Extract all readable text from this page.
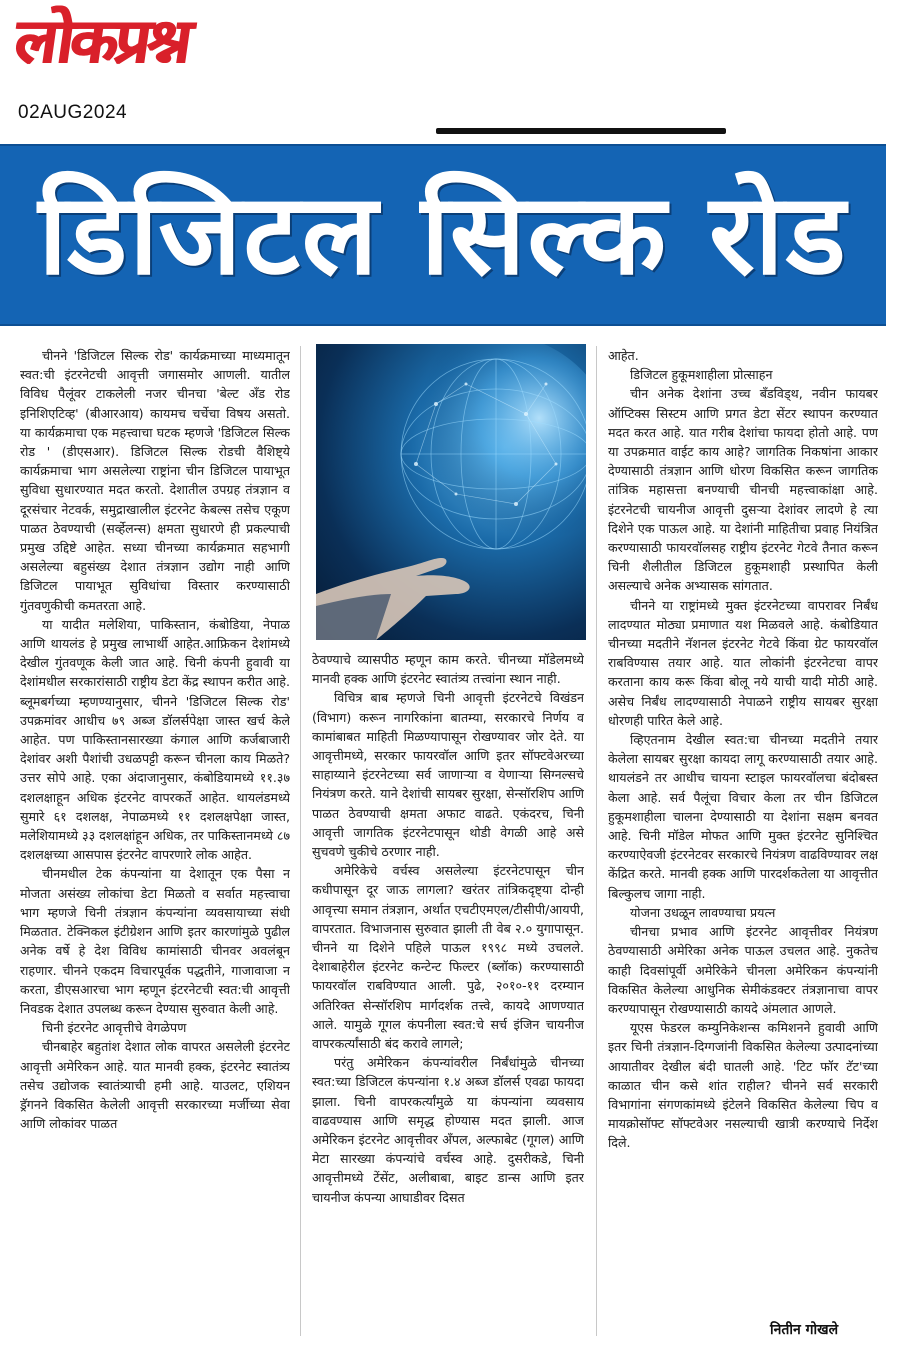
लोकप्रश्न
02AUG2024
डिजिटल सिल्क रोड

चीनने 'डिजिटल सिल्क रोड' कार्यक्रमाच्या माध्यमातून स्वत:ची इंटरनेटची आवृत्ती जगासमोर आणली. यातील विविध पैलूंवर टाकलेली नजर चीनचा 'बेल्ट अँड रोड इनिशिएटिव्ह' (बीआरआय) कायमच चर्चेचा विषय असतो. या कार्यक्रमाचा एक महत्त्वाचा घटक म्हणजे 'डिजिटल सिल्क रोड ' (डीएसआर). डिजिटल सिल्क रोडची वैशिष्ट्ये कार्यक्रमाचा भाग असलेल्या राष्ट्रांना चीन डिजिटल पायाभूत सुविधा सुधारण्यात मदत करतो. देशातील उपग्रह तंत्रज्ञान व दूरसंचार नेटवर्क, समुद्राखालील इंटरनेट केबल्स तसेच एकूण पाळत ठेवण्याची (सर्व्हेलन्स) क्षमता सुधारणे ही प्रकल्पाची प्रमुख उद्दिष्टे आहेत. सध्या चीनच्या कार्यक्रमात सहभागी असलेल्या बहुसंख्य देशात तंत्रज्ञान उद्योग नाही आणि डिजिटल पायाभूत सुविधांचा विस्तार करण्यासाठी गुंतवणुकीची कमतरता आहे.

या यादीत मलेशिया, पाकिस्तान, कंबोडिया, नेपाळ आणि थायलंड हे प्रमुख लाभार्थी आहेत.आफ्रिकन देशांमध्ये देखील गुंतवणूक केली जात आहे. चिनी कंपनी हुवावी या देशांमधील सरकारांसाठी राष्ट्रीय डेटा केंद्र स्थापन करीत आहे. ब्लूमबर्गच्या म्हणण्यानुसार, चीनने 'डिजिटल सिल्क रोड' उपक्रमांवर आधीच ७९ अब्ज डॉलर्सपेक्षा जास्त खर्च केले आहेत. पण पाकिस्तानसारख्या कंगाल आणि कर्जबाजारी देशांवर अशी पैशांची उधळपट्टी करून चीनला काय मिळते? उत्तर सोपे आहे. एका अंदाजानुसार, कंबोडियामध्ये ११.३७ दशलक्षाहून अधिक इंटरनेट वापरकर्ते आहेत. थायलंडमध्ये सुमारे ६१ दशलक्ष, नेपाळमध्ये ११ दशलक्षपेक्षा जास्त, मलेशियामध्ये ३३ दशलक्षांहून अधिक, तर पाकिस्तानमध्ये ८७ दशलक्षच्या आसपास इंटरनेट वापरणारे लोक आहेत.

चीनमधील टेक कंपन्यांना या देशातून एक पैसा न मोजता असंख्य लोकांचा डेटा मिळतो व सर्वात महत्त्वाचा भाग म्हणजे चिनी तंत्रज्ञान कंपन्यांना व्यवसायाच्या संधी मिळतात. टेक्निकल इंटीग्रेशन आणि इतर कारणांमुळे पुढील अनेक वर्षे हे देश विविध कामांसाठी चीनवर अवलंबून राहणार. चीनने एकदम विचारपूर्वक पद्धतीने, गाजावाजा न करता, डीएसआरचा भाग म्हणून इंटरनेटची स्वत:ची आवृत्ती निवडक देशात उपलब्ध करून देण्यास सुरुवात केली आहे.

चिनी इंटरनेट आवृत्तीचे वेगळेपण

चीनबाहेर बहुतांश देशात लोक वापरत असलेली इंटरनेट आवृत्ती अमेरिकन आहे. यात मानवी हक्क, इंटरनेट स्वातंत्र्य तसेच उद्योजक स्वातंत्र्याची हमी आहे. याउलट, एशियन ड्रॅगनने विकसित केलेली आवृत्ती सरकारच्या मर्जीच्या सेवा आणि लोकांवर पाळत

ठेवण्याचे व्यासपीठ म्हणून काम करते. चीनच्या मॉडेलमध्ये मानवी हक्क आणि इंटरनेट स्वातंत्र्य तत्त्वांना स्थान नाही.

विचित्र बाब म्हणजे चिनी आवृत्ती इंटरनेटचे विखंडन (विभाग) करून नागरिकांना बातम्या, सरकारचे निर्णय व कामांबाबत माहिती मिळण्यापासून रोखण्यावर जोर देते. या आवृत्तीमध्ये, सरकार फायरवॉल आणि इतर सॉफ्टवेअरच्या साहाय्याने इंटरनेटच्या सर्व जाणाऱ्या व येणाऱ्या सिग्नल्सचे नियंत्रण करते. याने देशांची सायबर सुरक्षा, सेन्सॉरशिप आणि पाळत ठेवण्याची क्षमता अफाट वाढते. एकंदरच, चिनी आवृत्ती जागतिक इंटरनेटपासून थोडी वेगळी आहे असे सुचवणे चुकीचे ठरणार नाही.

अमेरिकेचे वर्चस्व असलेल्या इंटरनेटपासून चीन कधीपासून दूर जाऊ लागला? खरंतर तांत्रिकदृष्ट्या दोन्ही आवृत्त्या समान तंत्रज्ञान, अर्थात एचटीएमएल/टीसीपी/आयपी, वापरतात. विभाजनास सुरुवात झाली ती वेब २.० युगापासून. चीनने या दिशेने पहिले पाऊल १९९८ मध्ये उचलले. देशाबाहेरील इंटरनेट कन्टेन्ट फिल्टर (ब्लॉक) करण्यासाठी फायरवॉल राबविण्यात आली. पुढे, २०१०-११ दरम्यान अतिरिक्त सेन्सॉरशिप मार्गदर्शक तत्त्वे, कायदे आणण्यात आले. यामुळे गूगल कंपनीला स्वत:चे सर्च इंजिन चायनीज वापरकर्त्यांसाठी बंद करावे लागले;

परंतु अमेरिकन कंपन्यांवरील निर्बंधांमुळे चीनच्या स्वत:च्या डिजिटल कंपन्यांना १.४ अब्ज डॉलर्स एवढा फायदा झाला. चिनी वापरकर्त्यांमुळे या कंपन्यांना व्यवसाय वाढवण्यास आणि समृद्ध होण्यास मदत झाली. आज अमेरिकन इंटरनेट आवृत्तीवर अँपल, अल्फाबेट (गूगल) आणि मेटा सारख्या कंपन्यांचे वर्चस्व आहे. दुसरीकडे, चिनी आवृत्तीमध्ये टेंसेंट, अलीबाबा, बाइट डान्स आणि इतर चायनीज कंपन्या आघाडीवर दिसत

आहेत.

डिजिटल हुकूमशाहीला प्रोत्साहन

चीन अनेक देशांना उच्च बँडविड्थ, नवीन फायबर ऑप्टिक्स सिस्टम आणि प्रगत डेटा सेंटर स्थापन करण्यात मदत करत आहे. यात गरीब देशांचा फायदा होतो आहे. पण या उपक्रमात वाईट काय आहे? जागतिक निकषांना आकार देण्यासाठी तंत्रज्ञान आणि धोरण विकसित करून जागतिक तांत्रिक महासत्ता बनण्याची चीनची महत्त्वाकांक्षा आहे. इंटरनेटची चायनीज आवृत्ती दुसऱ्या देशांवर लादणे हे त्या दिशेने एक पाऊल आहे. या देशांनी माहितीचा प्रवाह नियंत्रित करण्यासाठी फायरवॉलसह राष्ट्रीय इंटरनेट गेटवे तैनात करून चिनी शैलीतील डिजिटल हुकूमशाही प्रस्थापित केली असल्याचे अनेक अभ्यासक सांगतात.

चीनने या राष्ट्रांमध्ये मुक्त इंटरनेटच्या वापरावर निर्बंध लादण्यात मोठ्या प्रमाणात यश मिळवले आहे. कंबोडियात चीनच्या मदतीने नॅशनल इंटरनेट गेटवे किंवा ग्रेट फायरवॉल राबविण्यास तयार आहे. यात लोकांनी इंटरनेटचा वापर करताना काय करू किंवा बोलू नये याची यादी मोठी आहे. असेच निर्बंध लादण्यासाठी नेपाळने राष्ट्रीय सायबर सुरक्षा धोरणही पारित केले आहे.

व्हिएतनाम देखील स्वत:चा चीनच्या मदतीने तयार केलेला सायबर सुरक्षा कायदा लागू करण्यासाठी तयार आहे. थायलंडने तर आधीच चायना स्टाइल फायरवॉलचा बंदोबस्त केला आहे. सर्व पैलूंचा विचार केला तर चीन डिजिटल हुकूमशाहीला चालना देण्यासाठी या देशांना सक्षम बनवत आहे. चिनी मॉडेल मोफत आणि मुक्त इंटरनेट सुनिश्चित करण्याऐवजी इंटरनेटवर सरकारचे नियंत्रण वाढविण्यावर लक्ष केंद्रित करते. मानवी हक्क आणि पारदर्शकतेला या आवृत्तीत बिल्कुलच जागा नाही.

योजना उधळून लावण्याचा प्रयत्न

चीनचा प्रभाव आणि इंटरनेट आवृत्तीवर नियंत्रण ठेवण्यासाठी अमेरिका अनेक पाऊल उचलत आहे. नुकतेच काही दिवसांपूर्वी अमेरिकेने चीनला अमेरिकन कंपन्यांनी विकसित केलेल्या आधुनिक सेमीकंडक्टर तंत्रज्ञानाचा वापर करण्यापासून रोखण्यासाठी कायदे अंमलात आणले.

यूएस फेडरल कम्युनिकेशन्स कमिशनने हुवावी आणि इतर चिनी तंत्रज्ञान-दिग्गजांनी विकसित केलेल्या उत्पादनांच्या आयातीवर देखील बंदी घातली आहे. 'टिट फॉर टॅट'च्या काळात चीन कसे शांत राहील? चीनने सर्व सरकारी विभागांना संगणकांमध्ये इंटेलने विकसित केलेल्या चिप व मायक्रोसॉफ्ट सॉफ्टवेअर नसल्याची खात्री करण्याचे निर्देश दिले.

नितीन गोखले
